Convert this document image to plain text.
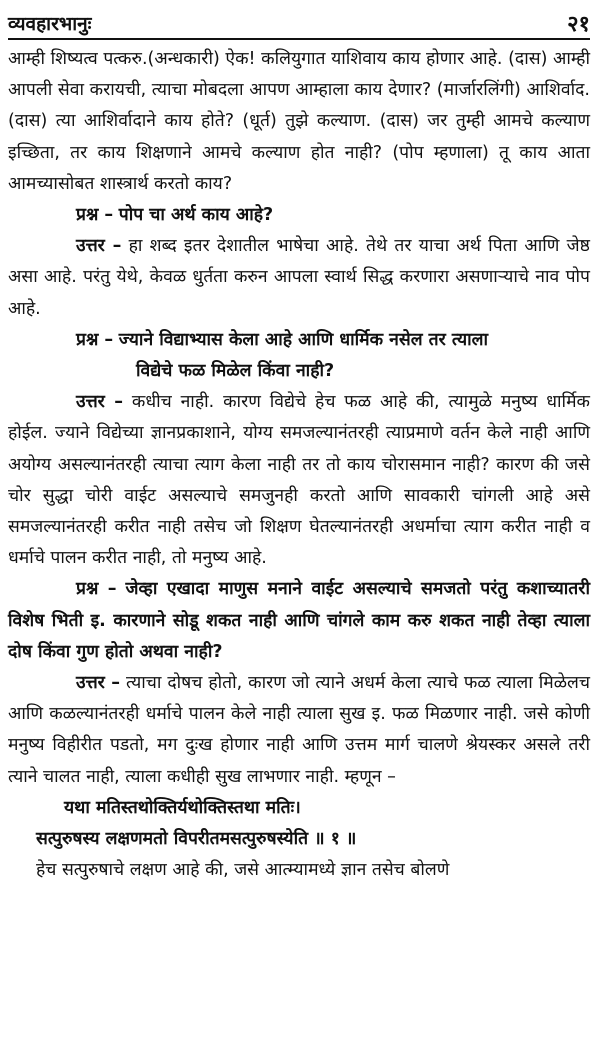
व्यवहारभानुः	२१

आम्ही शिष्यत्व पत्करु.(अन्धकारी) ऐक! कलियुगात याशिवाय काय होणार आहे. (दास) आम्ही आपली सेवा करायची, त्याचा मोबदला आपण आम्हाला काय देणार? (मार्जारलिंगी) आशिर्वाद. (दास) त्या आशिर्वादाने काय होते? (धूर्त) तुझे कल्याण. (दास) जर तुम्ही आमचे कल्याण इच्छिता, तर काय शिक्षणाने आमचे कल्याण होत नाही? (पोप म्हणाला) तू काय आता आमच्यासोबत शास्त्रार्थ करतो काय?

प्रश्न – पोप चा अर्थ काय आहे?

उत्तर – हा शब्द इतर देशातील भाषेचा आहे. तेथे तर याचा अर्थ पिता आणि जेष्ठ असा आहे. परंतु येथे, केवळ धुर्तता करुन आपला स्वार्थ सिद्ध करणारा असणाऱ्याचे नाव पोप आहे.

प्रश्न – ज्याने विद्याभ्यास केला आहे आणि धार्मिक नसेल तर त्याला

विद्येचे फळ मिळेल किंवा नाही?

उत्तर – कधीच नाही. कारण विद्येचे हेच फळ आहे की, त्यामुळे मनुष्य धार्मिक होईल. ज्याने विद्येच्या ज्ञानप्रकाशाने, योग्य समजल्यानंतरही त्याप्रमाणे वर्तन केले नाही आणि अयोग्य असल्यानंतरही त्याचा त्याग केला नाही तर तो काय चोरासमान नाही? कारण की जसे चोर सुद्धा चोरी वाईट असल्याचे समजुनही करतो आणि सावकारी चांगली आहे असे समजल्यानंतरही करीत नाही तसेच जो शिक्षण घेतल्यानंतरही अधर्माचा त्याग करीत नाही व धर्माचे पालन करीत नाही, तो मनुष्य आहे.

प्रश्न – जेव्हा एखादा माणुस मनाने वाईट असल्याचे समजतो परंतु कशाच्यातरी विशेष भिती इ. कारणाने सोडू शकत नाही आणि चांगले काम करु शकत नाही तेव्हा त्याला दोष किंवा गुण होतो अथवा नाही?

उत्तर – त्याचा दोषच होतो, कारण जो त्याने अधर्म केला त्याचे फळ त्याला मिळेलच आणि कळल्यानंतरही धर्माचे पालन केले नाही त्याला सुख इ. फळ मिळणार नाही. जसे कोणी मनुष्य विहीरीत पडतो, मग दुःख होणार नाही आणि उत्तम मार्ग चालणे श्रेयस्कर असले तरी त्याने चालत नाही, त्याला कधीही सुख लाभणार नाही. म्हणून –

यथा मतिस्तथोक्तिर्यथोक्तिस्तथा मतिः।

सत्पुरुषस्य लक्षणमतो विपरीतमसत्पुरुषस्येति ॥ १ ॥

हेच सत्पुरुषाचे लक्षण आहे की, जसे आत्म्यामध्ये ज्ञान तसेच बोलणे
